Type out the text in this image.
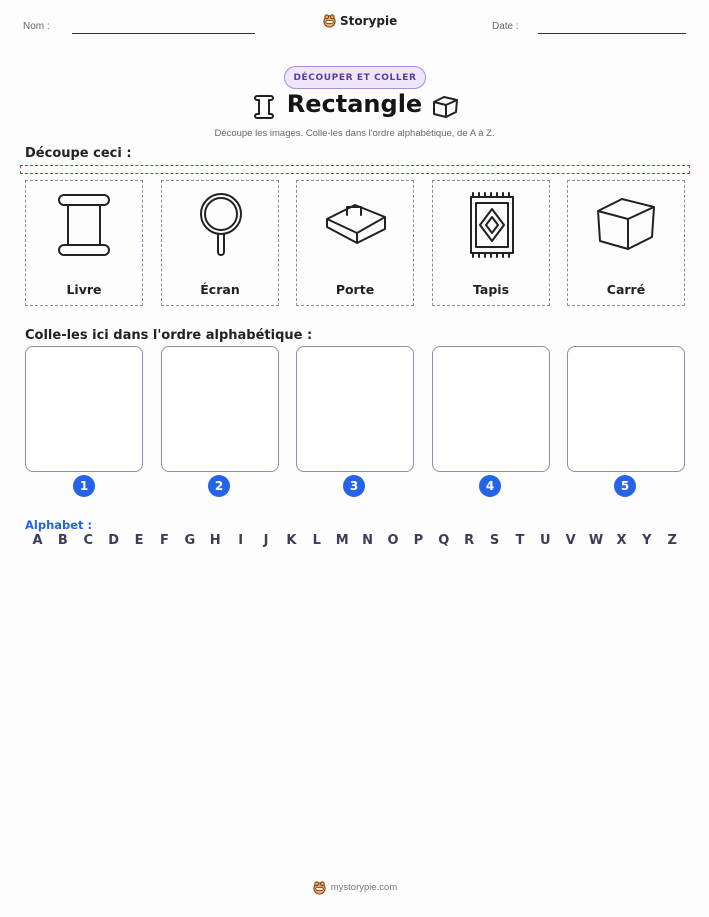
Nom :	Storypie	Date :
DÉCOUPER ET COLLER
Rectangle
Découpe les images. Colle-les dans l'ordre alphabétique, de A à Z.
Découpe ceci :
Livre	Écran	Porte	Tapis	Carré
Colle-les ici dans l'ordre alphabétique :
1	2	3	4	5
Alphabet :
A	B	C	D	E	F	G	H	I	J	K	L	M	N	O	P	Q	R	S	T	U	V	W	X	Y	Z
mystorypie.com
